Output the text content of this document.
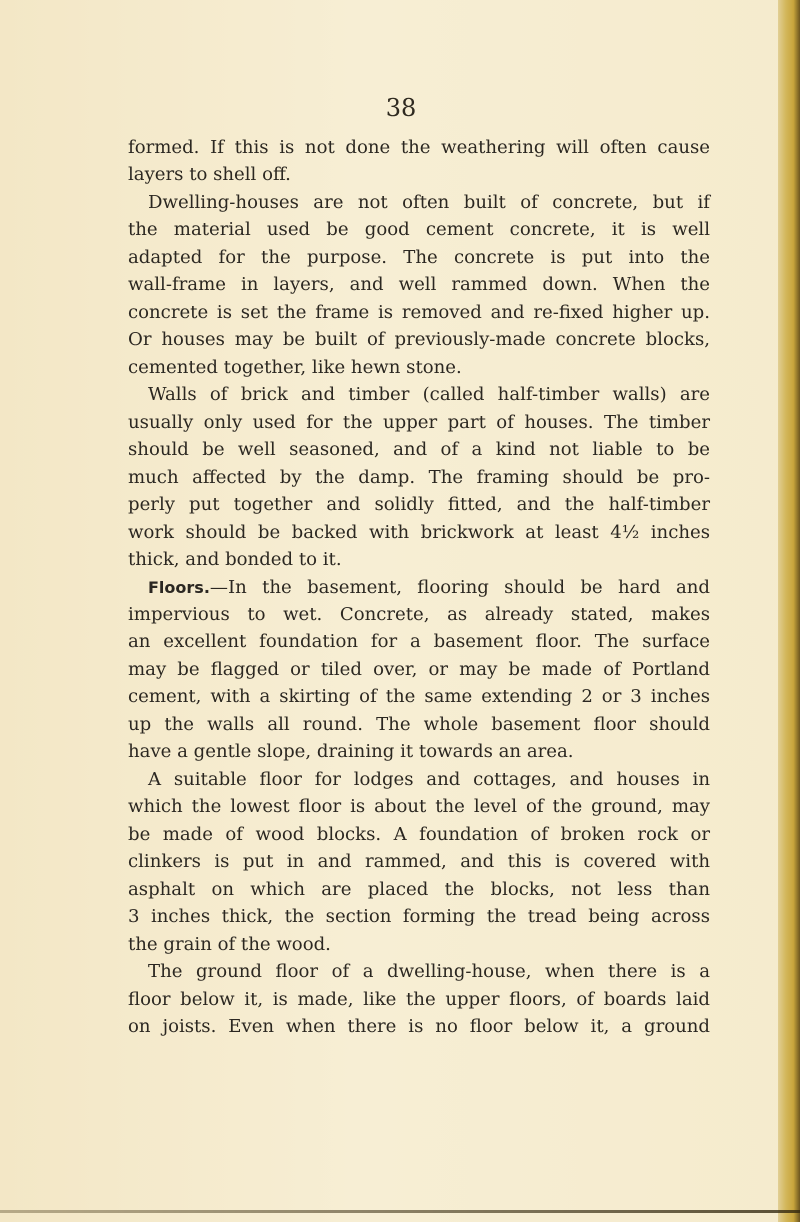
38
formed. If this is not done the weathering will often cause
layers to shell off.
Dwelling-houses are not often built of concrete, but if
the material used be good cement concrete, it is well
adapted for the purpose. The concrete is put into the
wall-frame in layers, and well rammed down. When the
concrete is set the frame is removed and re-fixed higher up.
Or houses may be built of previously-made concrete blocks,
cemented together, like hewn stone.
Walls of brick and timber (called half-timber walls) are
usually only used for the upper part of houses. The timber
should be well seasoned, and of a kind not liable to be
much affected by the damp. The framing should be pro-
perly put together and solidly fitted, and the half-timber
work should be backed with brickwork at least 4½ inches
thick, and bonded to it.
Floors.—In the basement, flooring should be hard and
impervious to wet. Concrete, as already stated, makes
an excellent foundation for a basement floor. The surface
may be flagged or tiled over, or may be made of Portland
cement, with a skirting of the same extending 2 or 3 inches
up the walls all round. The whole basement floor should
have a gentle slope, draining it towards an area.
A suitable floor for lodges and cottages, and houses in
which the lowest floor is about the level of the ground, may
be made of wood blocks. A foundation of broken rock or
clinkers is put in and rammed, and this is covered with
asphalt on which are placed the blocks, not less than
3 inches thick, the section forming the tread being across
the grain of the wood.
The ground floor of a dwelling-house, when there is a
floor below it, is made, like the upper floors, of boards laid
on joists. Even when there is no floor below it, a ground
